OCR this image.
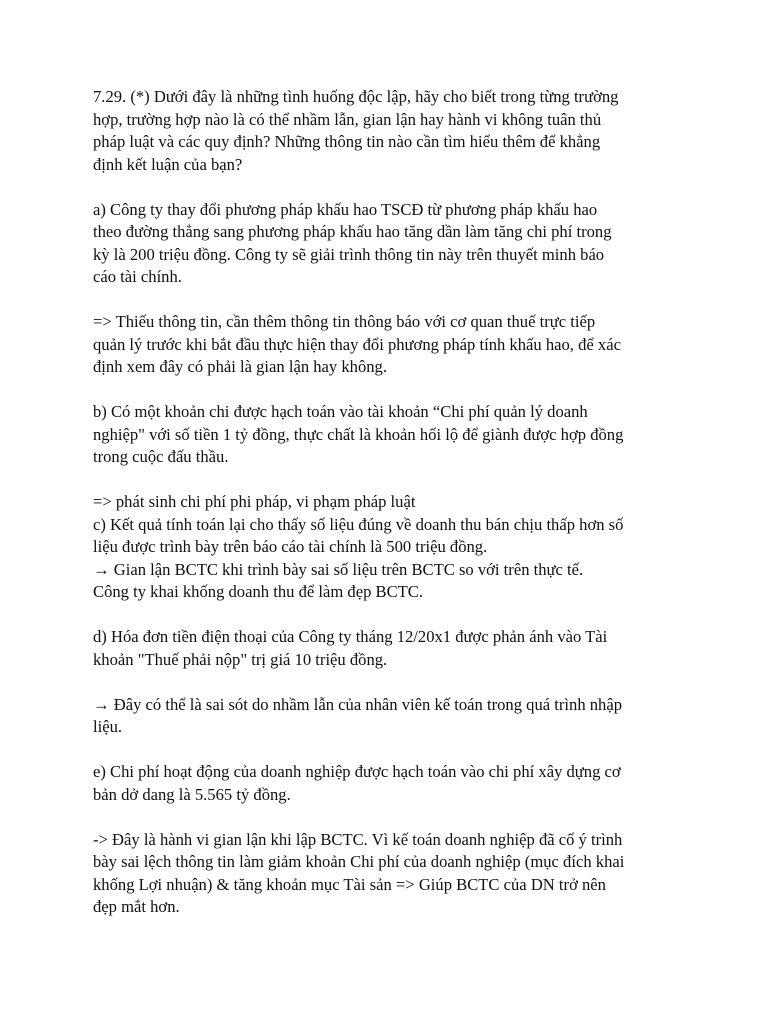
7.29. (*) Dưới đây là những tình huống độc lập, hãy cho biết trong từng trường
hợp, trường hợp nào là có thể nhầm lẫn, gian lận hay hành vi không tuân thủ
pháp luật và các quy định? Những thông tin nào cần tìm hiểu thêm để khẳng
định kết luận của bạn?
a) Công ty thay đổi phương pháp khấu hao TSCĐ từ phương pháp khấu hao
theo đường thẳng sang phương pháp khấu hao tăng dần làm tăng chi phí trong
kỳ là 200 triệu đồng. Công ty sẽ giải trình thông tin này trên thuyết minh báo
cáo tài chính.
=> Thiếu thông tin, cần thêm thông tin thông báo với cơ quan thuế trực tiếp
quản lý trước khi bắt đầu thực hiện thay đổi phương pháp tính khấu hao, để xác
định xem đây có phải là gian lận hay không.
b) Có một khoản chi được hạch toán vào tài khoản “Chi phí quản lý doanh
nghiệp" với số tiền 1 tỷ đồng, thực chất là khoản hối lộ để giành được hợp đồng
trong cuộc đấu thầu.
=> phát sinh chi phí phi pháp, vi phạm pháp luật
c) Kết quả tính toán lại cho thấy số liệu đúng về doanh thu bán chịu thấp hơn số
liệu được trình bày trên báo cáo tài chính là 500 triệu đồng.
→ Gian lận BCTC khi trình bày sai số liệu trên BCTC so với trên thực tế.
Công ty khai khống doanh thu để làm đẹp BCTC.
d) Hóa đơn tiền điện thoại của Công ty tháng 12/20x1 được phản ánh vào Tài
khoản "Thuế phải nộp" trị giá 10 triệu đồng.
→ Đây có thể là sai sót do nhầm lẫn của nhân viên kế toán trong quá trình nhập
liệu.
e) Chi phí hoạt động của doanh nghiệp được hạch toán vào chi phí xây dựng cơ
bản dở dang là 5.565 tỷ đồng.
-> Đây là hành vi gian lận khi lập BCTC. Vì kế toán doanh nghiệp đã cố ý trình
bày sai lệch thông tin làm giảm khoản Chi phí của doanh nghiệp (mục đích khai
khống Lợi nhuận) & tăng khoản mục Tài sản => Giúp BCTC của DN trở nên
đẹp mắt hơn.
